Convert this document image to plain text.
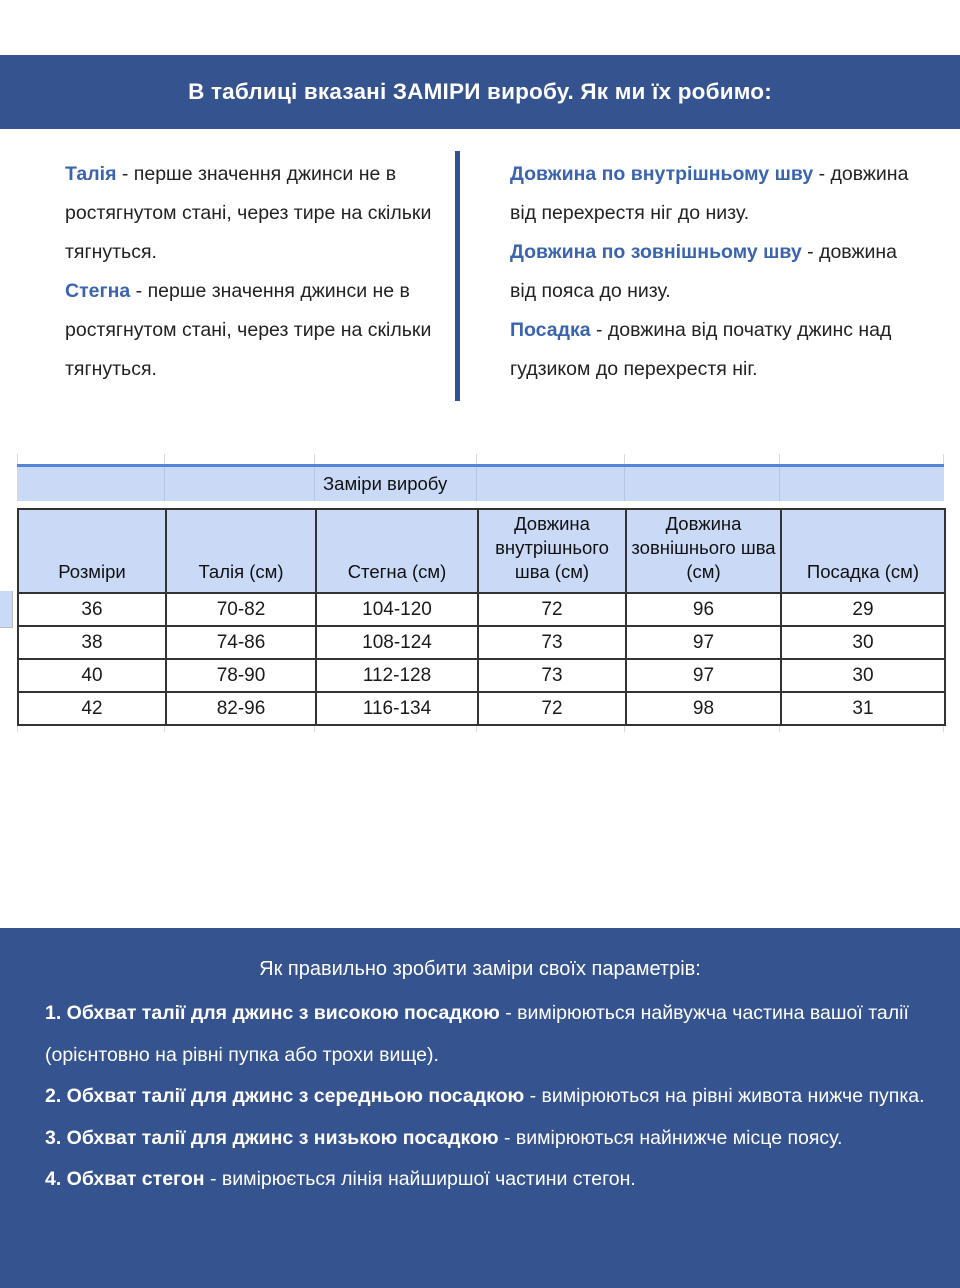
В таблиці вказані ЗАМІРИ виробу. Як ми їх робимо:

Талія - перше значення джинси не в ростягнутом стані, через тире на скільки тягнуться.

Стегна - перше значення джинси не в ростягнутом стані, через тире на скільки тягнуться.

Довжина по внутрішньому шву - довжина від перехрестя ніг до низу.

Довжина по зовнішньому шву - довжина від пояса до низу.

Посадка - довжина від початку джинс над гудзиком до перехрестя ніг.

Заміри виробу
Розміри	Талія (см)	Стегна (см)	Довжина внутрішнього шва (см)	Довжина зовнішнього шва (см)	Посадка (см)
36	70-82	104-120	72	96	29
38	74-86	108-124	73	97	30
40	78-90	112-128	73	97	30
42	82-96	116-134	72	98	31
Як правильно зробити заміри своїх параметрів:

1. Обхват талії для джинс з високою посадкою - вимірюються найвужча частина вашої талії (орієнтовно на рівні пупка або трохи вище).

2. Обхват талії для джинс з середньою посадкою - вимірюються на рівні живота нижче пупка.

3. Обхват талії для джинс з низькою посадкою - вимірюються найнижче місце поясу.

4. Обхват стегон - вимірюється лінія найширшої частини стегон.
